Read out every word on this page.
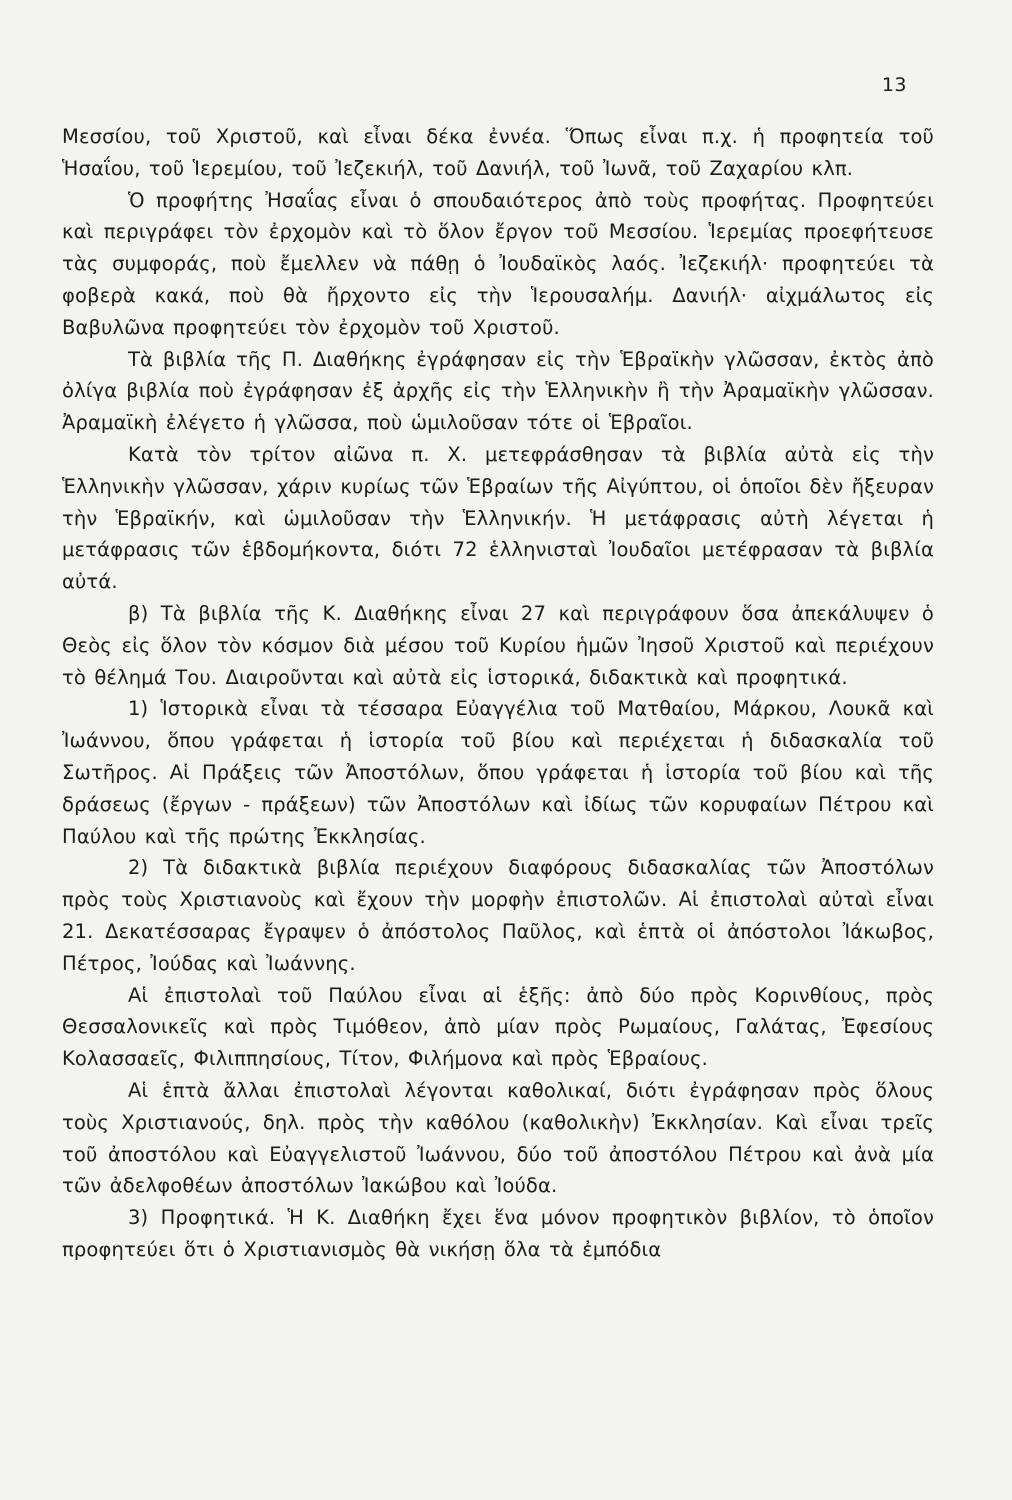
13

Μεσσίου, τοῦ Χριστοῦ, καὶ εἶναι δέκα ἐννέα. Ὅπως εἶναι π.χ. ἡ προφητεία τοῦ Ἡσαΐου, τοῦ Ἱερεμίου, τοῦ Ἰεζεκιήλ, τοῦ Δανιήλ, τοῦ Ἰωνᾶ, τοῦ Ζαχαρίου κλπ.

Ὁ προφήτης Ἠσαΐας εἶναι ὁ σπουδαιότερος ἀπὸ τοὺς προφήτας. Προφητεύει καὶ περιγράφει τὸν ἐρχομὸν καὶ τὸ ὅλον ἔργον τοῦ Μεσσίου. Ἱερεμίας προεφήτευσε τὰς συμφοράς, ποὺ ἔμελλεν νὰ πάθῃ ὁ Ἰουδαϊκὸς λαός. Ἰεζεκιήλ· προφητεύει τὰ φοβερὰ κακά, ποὺ θὰ ἤρχοντο εἰς τὴν Ἱερουσαλήμ. Δανιήλ· αἰχμάλωτος εἰς Βαβυλῶνα προφητεύει τὸν ἐρχομὸν τοῦ Χριστοῦ.

Τὰ βιβλία τῆς Π. Διαθήκης ἐγράφησαν εἰς τὴν Ἑβραϊκὴν γλῶσσαν, ἐκτὸς ἀπὸ ὀλίγα βιβλία ποὺ ἐγράφησαν ἐξ ἀρχῆς εἰς τὴν Ἑλληνικὴν ἢ τὴν Ἀραμαϊκὴν γλῶσσαν. Ἀραμαϊκὴ ἐλέγετο ἡ γλῶσσα, ποὺ ὡμιλοῦσαν τότε οἱ Ἑβραῖοι.

Κατὰ τὸν τρίτον αἰῶνα π. Χ. μετεφράσθησαν τὰ βιβλία αὐτὰ εἰς τὴν Ἑλληνικὴν γλῶσσαν, χάριν κυρίως τῶν Ἑβραίων τῆς Αἰγύπτου, οἱ ὁποῖοι δὲν ἤξευραν τὴν Ἑβραϊκήν, καὶ ὡμιλοῦσαν τὴν Ἑλληνικήν. Ἡ μετάφρασις αὐτὴ λέγεται ἡ μετάφρασις τῶν ἑβδομήκοντα, διότι 72 ἑλληνισταὶ Ἰουδαῖοι μετέφρασαν τὰ βιβλία αὐτά.

β) Τὰ βιβλία τῆς Κ. Διαθήκης εἶναι 27 καὶ περιγράφουν ὅσα ἀπεκάλυψεν ὁ Θεὸς εἰς ὅλον τὸν κόσμον διὰ μέσου τοῦ Κυρίου ἡμῶν Ἰησοῦ Χριστοῦ καὶ περιέχουν τὸ θέλημά Του. Διαιροῦνται καὶ αὐτὰ εἰς ἱστορικά, διδακτικὰ καὶ προφητικά.

1) Ἱστορικὰ εἶναι τὰ τέσσαρα Εὐαγγέλια τοῦ Ματθαίου, Μάρκου, Λουκᾶ καὶ Ἰωάννου, ὅπου γράφεται ἡ ἱστορία τοῦ βίου καὶ περιέχεται ἡ διδασκαλία τοῦ Σωτῆρος. Αἱ Πράξεις τῶν Ἀποστόλων, ὅπου γράφεται ἡ ἱστορία τοῦ βίου καὶ τῆς δράσεως (ἔργων - πράξεων) τῶν Ἀποστόλων καὶ ἰδίως τῶν κορυφαίων Πέτρου καὶ Παύλου καὶ τῆς πρώτης Ἐκκλησίας.

2) Τὰ διδακτικὰ βιβλία περιέχουν διαφόρους διδασκαλίας τῶν Ἀποστόλων πρὸς τοὺς Χριστιανοὺς καὶ ἔχουν τὴν μορφὴν ἐπιστολῶν. Αἱ ἐπιστολαὶ αὐταὶ εἶναι 21. Δεκατέσσαρας ἔγραψεν ὁ ἀπόστολος Παῦλος, καὶ ἑπτὰ οἱ ἀπόστολοι Ἰάκωβος, Πέτρος, Ἰούδας καὶ Ἰωάννης.

Αἱ ἐπιστολαὶ τοῦ Παύλου εἶναι αἱ ἑξῆς: ἀπὸ δύο πρὸς Κορινθίους, πρὸς Θεσσαλονικεῖς καὶ πρὸς Τιμόθεον, ἀπὸ μίαν πρὸς Ρωμαίους, Γαλάτας, Ἐφεσίους Κολασσαεῖς, Φιλιππησίους, Τίτον, Φιλήμονα καὶ πρὸς Ἑβραίους.

Αἱ ἑπτὰ ἄλλαι ἐπιστολαὶ λέγονται καθολικαί, διότι ἐγράφησαν πρὸς ὅλους τοὺς Χριστιανούς, δηλ. πρὸς τὴν καθόλου (καθολικὴν) Ἐκκλησίαν. Καὶ εἶναι τρεῖς τοῦ ἀποστόλου καὶ Εὐαγγελιστοῦ Ἰωάννου, δύο τοῦ ἀποστόλου Πέτρου καὶ ἀνὰ μία τῶν ἀδελφοθέων ἀποστόλων Ἰακώβου καὶ Ἰούδα.

3) Προφητικά. Ἡ Κ. Διαθήκη ἔχει ἕνα μόνον προφητικὸν βιβλίον, τὸ ὁποῖον προφητεύει ὅτι ὁ Χριστιανισμὸς θὰ νικήσῃ ὅλα τὰ ἐμπόδια
